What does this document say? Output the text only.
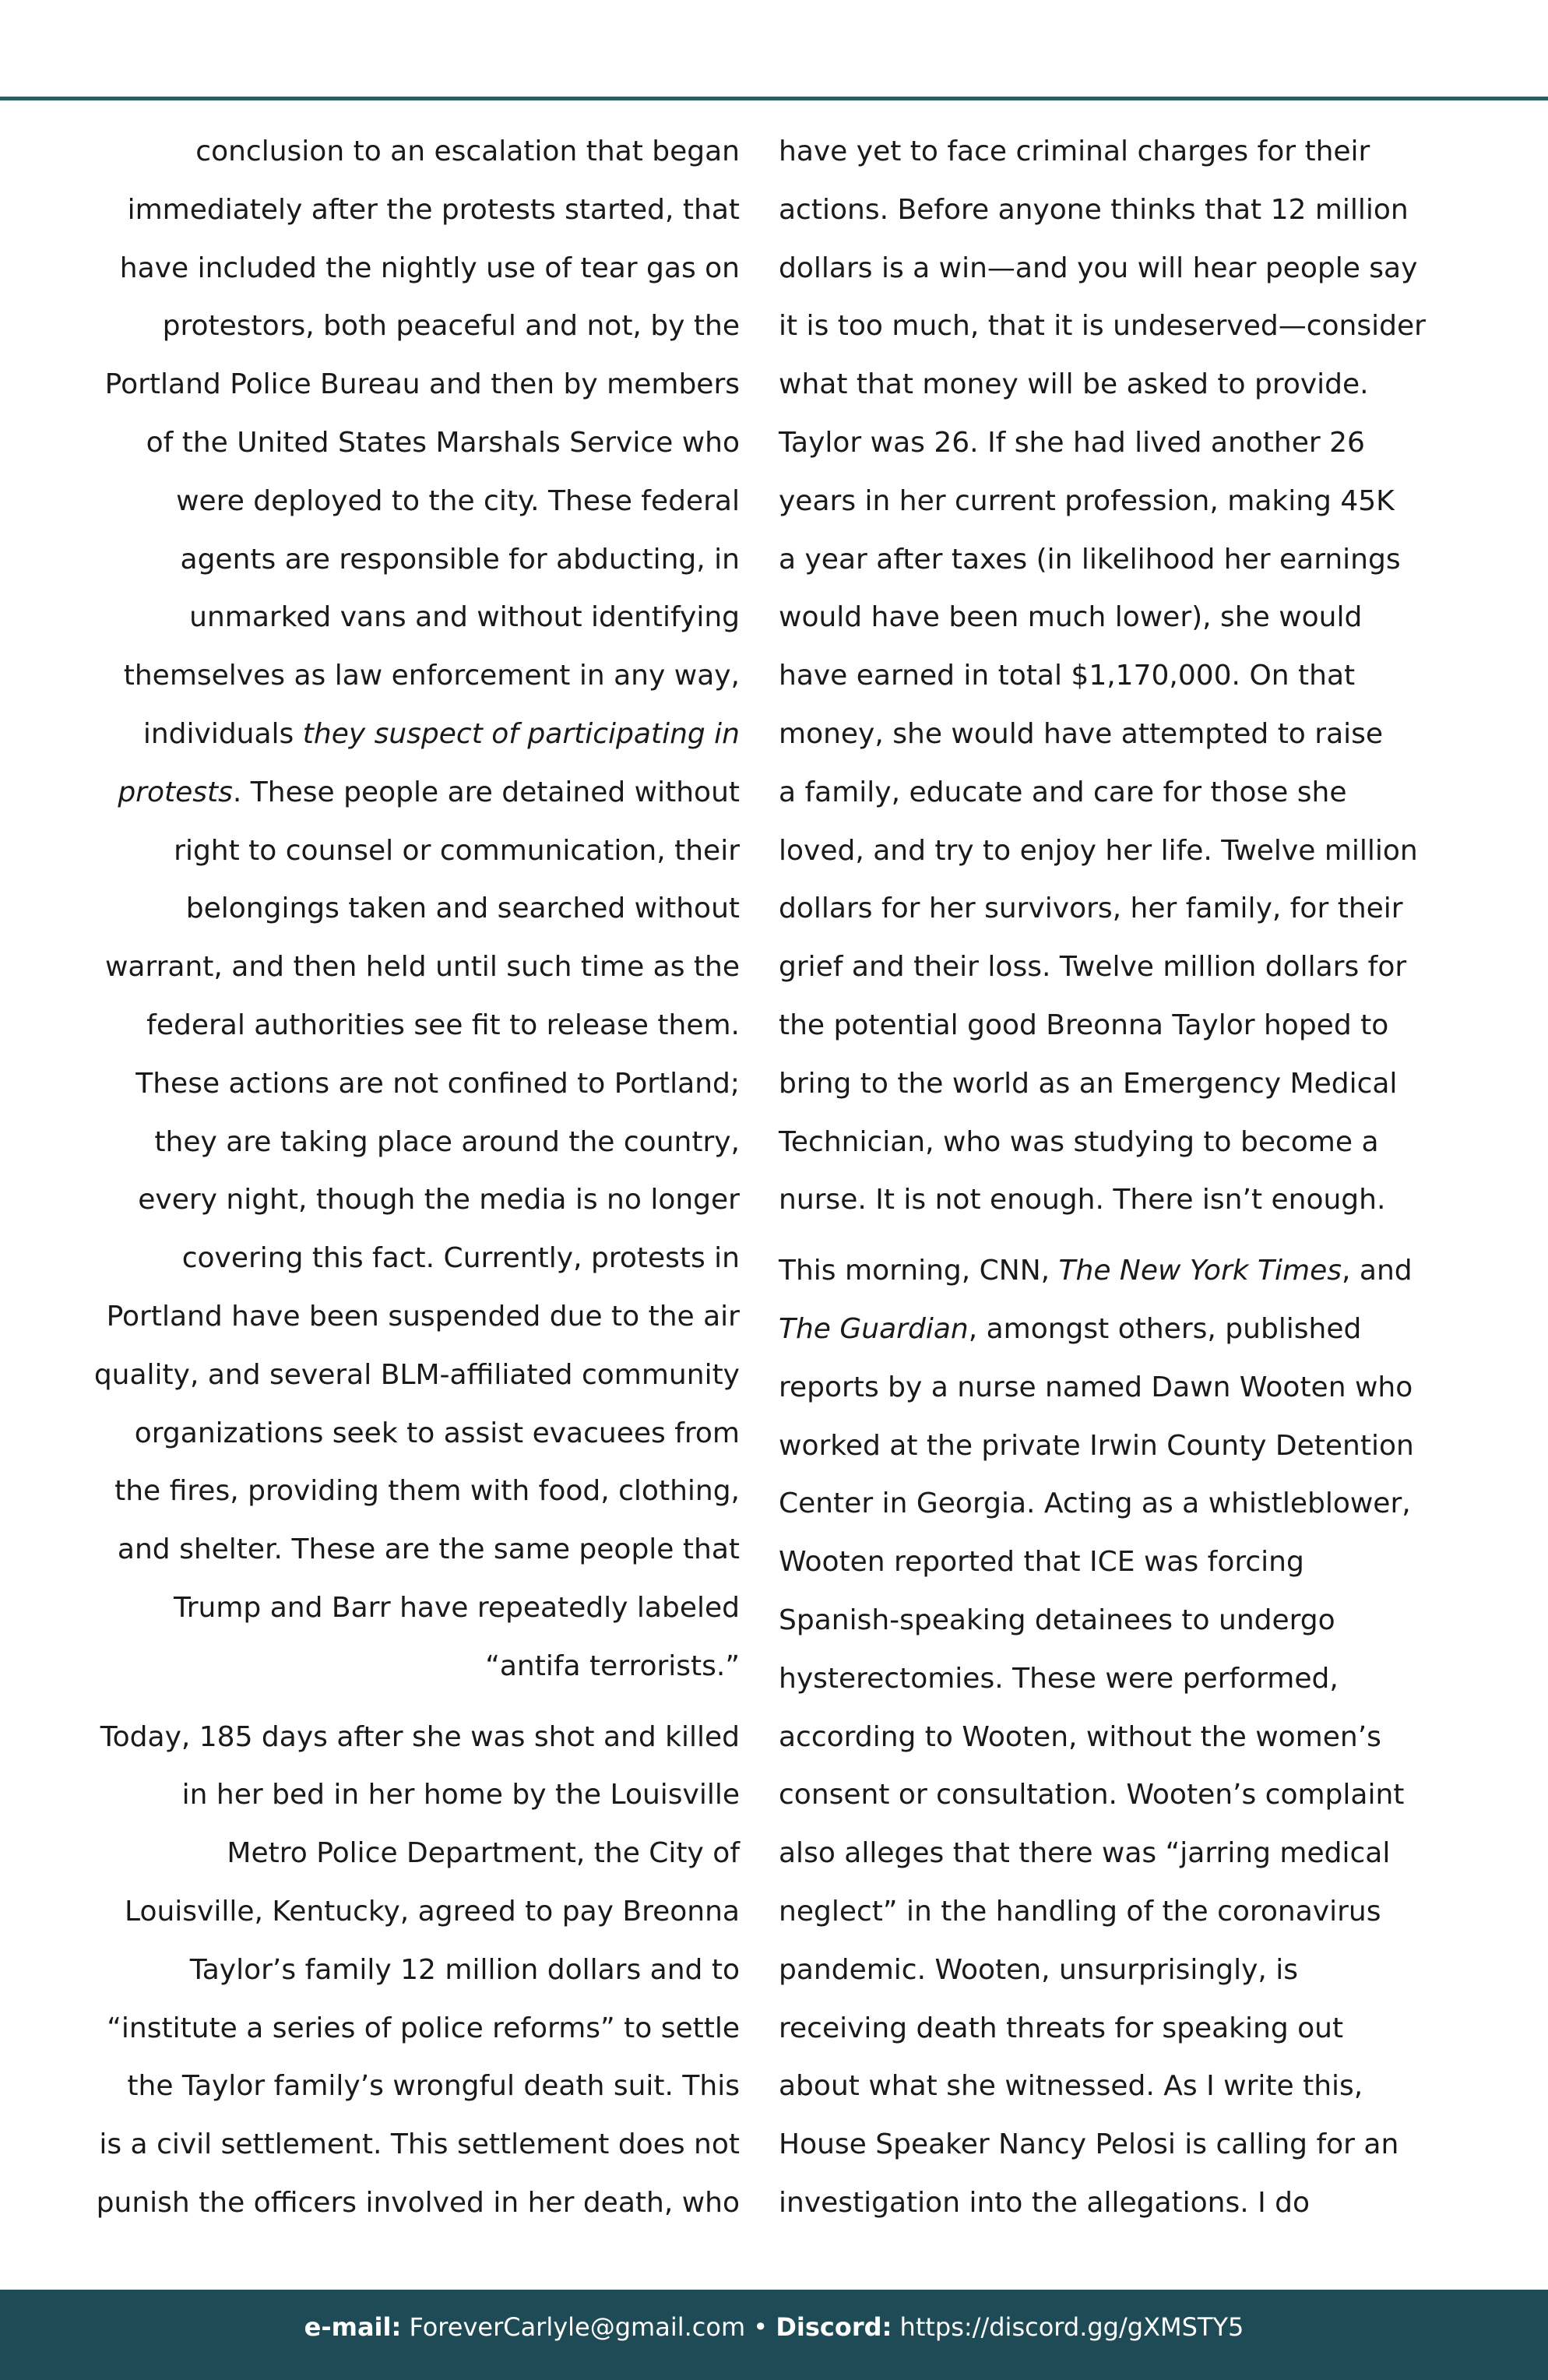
conclusion to an escalation that began
immediately after the protests started, that
have included the nightly use of tear gas on
protestors, both peaceful and not, by the
Portland Police Bureau and then by members
of the United States Marshals Service who
were deployed to the city. These federal
agents are responsible for abducting, in
unmarked vans and without identifying
themselves as law enforcement in any way,
individuals they suspect of participating in
protests. These people are detained without
right to counsel or communication, their
belongings taken and searched without
warrant, and then held until such time as the
federal authorities see fit to release them.
These actions are not confined to Portland;
they are taking place around the country,
every night, though the media is no longer
covering this fact. Currently, protests in
Portland have been suspended due to the air
quality, and several BLM-affiliated community
organizations seek to assist evacuees from
the fires, providing them with food, clothing,
and shelter. These are the same people that
Trump and Barr have repeatedly labeled
“antifa terrorists.”

Today, 185 days after she was shot and killed
in her bed in her home by the Louisville
Metro Police Department, the City of
Louisville, Kentucky, agreed to pay Breonna
Taylor’s family 12 million dollars and to
“institute a series of police reforms” to settle
the Taylor family’s wrongful death suit. This
is a civil settlement. This settlement does not
punish the officers involved in her death, who

have yet to face criminal charges for their
actions. Before anyone thinks that 12 million
dollars is a win—and you will hear people say
it is too much, that it is undeserved—consider
what that money will be asked to provide.
Taylor was 26. If she had lived another 26
years in her current profession, making 45K
a year after taxes (in likelihood her earnings
would have been much lower), she would
have earned in total $1,170,000. On that
money, she would have attempted to raise
a family, educate and care for those she
loved, and try to enjoy her life. Twelve million
dollars for her survivors, her family, for their
grief and their loss. Twelve million dollars for
the potential good Breonna Taylor hoped to
bring to the world as an Emergency Medical
Technician, who was studying to become a
nurse. It is not enough. There isn’t enough.

This morning, CNN, The New York Times, and
The Guardian, amongst others, published
reports by a nurse named Dawn Wooten who
worked at the private Irwin County Detention
Center in Georgia. Acting as a whistleblower,
Wooten reported that ICE was forcing
Spanish-speaking detainees to undergo
hysterectomies. These were performed,
according to Wooten, without the women’s
consent or consultation. Wooten’s complaint
also alleges that there was “jarring medical
neglect” in the handling of the coronavirus
pandemic. Wooten, unsurprisingly, is
receiving death threats for speaking out
about what she witnessed. As I write this,
House Speaker Nancy Pelosi is calling for an
investigation into the allegations. I do

e-mail: ForeverCarlyle@gmail.com • Discord: https://discord.gg/gXMSTY5
